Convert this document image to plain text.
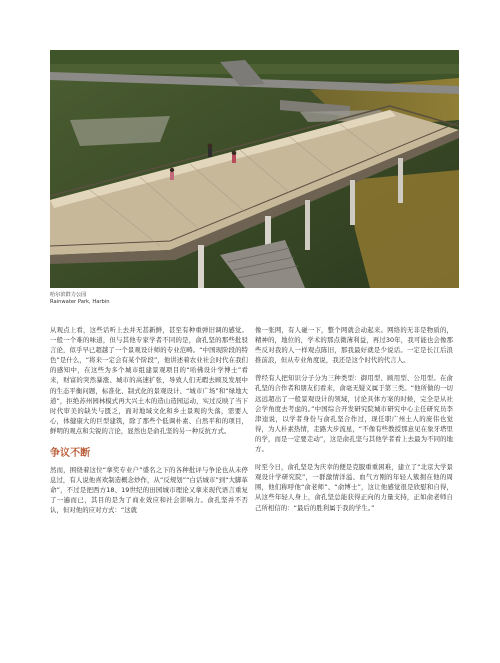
哈尔滨群力公园
Rainwater Park, Harbin

从观点上看，这些话听上去并无甚新鲜，甚至有种重弹旧调的感觉。一般一个难的味道，但与其他专家学者不同的是，俞孔坚的那些批驳言论，似乎早已超越了一个景观设计师的专业范畴。“中国现阶段的特色”是什么，“将来一定会有某个阶段”，他讲述着农业社会时代在我们的感知中，在这些为多个城市组建景观项目的“哈佛设计学博士”看来，财富的突然暴涨、城市的高速扩张，导致人们无暇去顾及发展中的生态平衡问题，标准化、制式化的景观设计、“城市广场”和“绿地大道”，拒绝苏州园林模式再大兴土木的造山造园运动，实过反映了当下时代审美的缺失与匮乏，面对地域文化和乡土景观的失落，需要人心，体健康大的巨型建筑，除了那些个低调朴素、自然平和的项目，鲜明的观点和尖锐的言论，显然也是俞孔坚的另一种反抗方式。

争议不断

然而，围绕着这位“拿奖专业户”盛名之下的各种批评与争论也从未停息过，有人说他喜欢制造概念炒作，从“反规划”“白话城市”到“大脚革命”，不过是把西方18、19世纪的田园城市理论又拿来现代语言重复了一遍而已，其目的是为了商业效应和社会影响力。俞孔坚并不否认，但对他的应对方式：“这就

像一张网，有人碰一下，整个网就会动起来。网络的无非是物质的，精神的，地位的，学术的那点微薄利益，再过30年，我可能也会像那些反对我的人一样观点陈旧，那我最好就是少说话。一定是长江后浪推前浪，但从专业角度说，我还是这个时代的代言人。

曾经有人把知识分子分为三种类型：御用型、顾用型、公用型。在俞孔坚的合作者和朋友们看来，俞毫无疑义属于第三类。“他所做的一切远远超出了一般景观设计的领域，讨论具体方案的时候，完全是从社会学角度去考虑的。”中国综合开发研究院城市研究中心主任研究员李津逵说，以学者身份与俞孔坚合作过，现任职广州土人的庞伟也觉得，为人朴素热情，走路大步流星，“不像有些教授那意见在象牙塔里的学，而是一定要走动”，这是俞孔坚与其他学者看上去最为不同的地方。

时至今日，俞孔坚是为庆幸的便是克服重重困难，建立了“北京大学景观设计学研究院”，一群激情洋溢、血气方刚的年轻人簇拥在他的周围，他们称呼他“俞老师”、“俞博士”，这让他感觉很是欣慰和自得，从这些年轻人身上，俞孔坚总能获得正向的力量支持，正如俞老师自己所相信的：“最后的胜利属于我的学生。”
